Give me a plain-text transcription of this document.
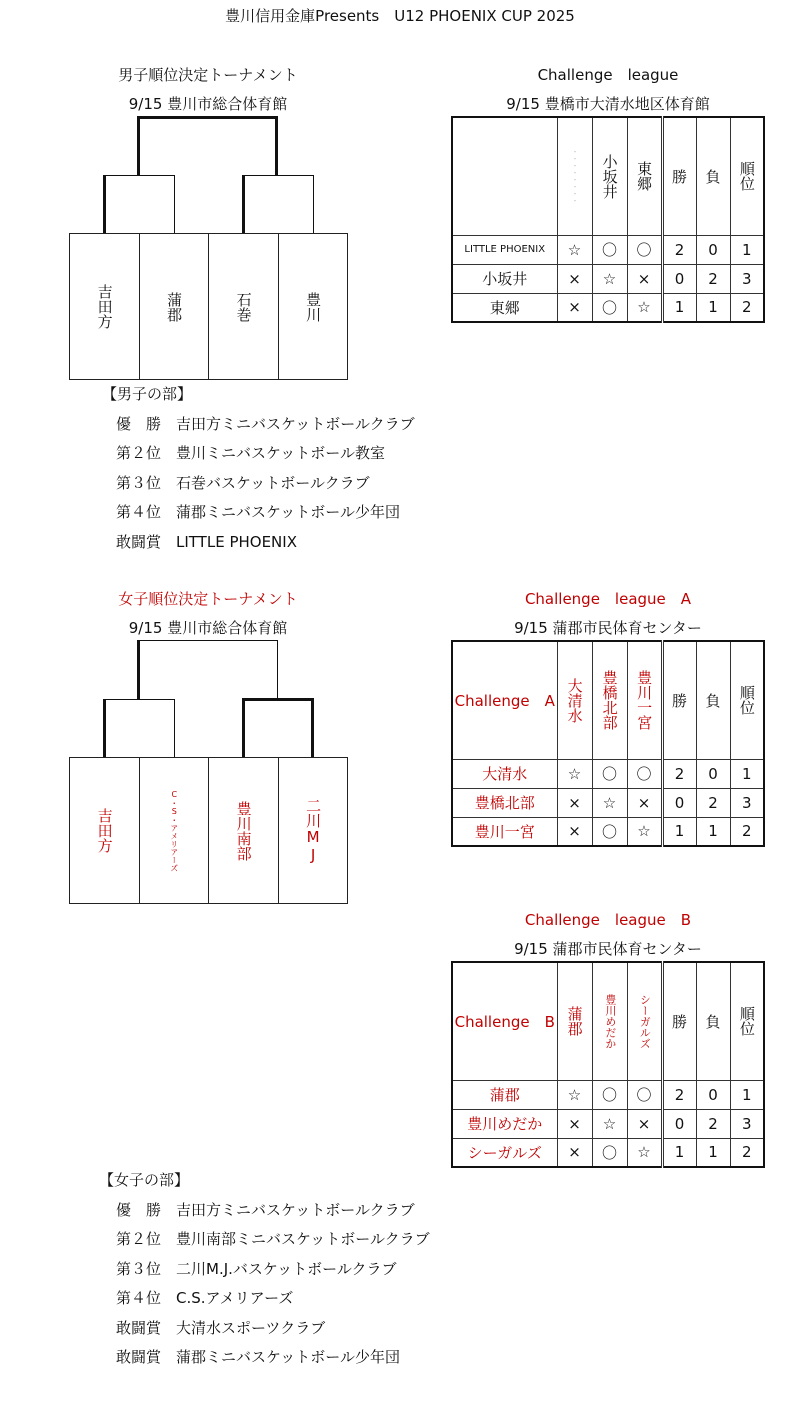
豊川信用金庫Presents　U12 PHOENIX CUP 2025
男子順位決定トーナメント
9/15 豊川市総合体育館
吉田方	蒲郡	石巻	豊川
Challenge　league
9/15 豊橋市大清水地区体育館

	・・・・・・・・	小坂井	東郷	勝	負	順位

LITTLE PHOENIX	☆	〇	〇	2	0	1
小坂井	×	☆	×	0	2	3
東郷	×	〇	☆	1	1	2
【男子の部】
優　勝 吉田方ミニバスケットボールクラブ
第２位 豊川ミニバスケットボール教室
第３位 石巻バスケットボールクラブ
第４位 蒲郡ミニバスケットボール少年団
敢闘賞 LITTLE PHOENIX
女子順位決定トーナメント
9/15 豊川市総合体育館
吉田方	C・S・アメリアーズ	豊川南部	二川MJ
Challenge　league　A
9/15 蒲郡市民体育センター
Challenge　A	大清水	豊橋北部	豊川一宮	勝	負	順位

大清水	☆	〇	〇	2	0	1
豊橋北部	×	☆	×	0	2	3
豊川一宮	×	〇	☆	1	1	2
Challenge　league　B
9/15 蒲郡市民体育センター
Challenge　B	蒲郡	豊川めだか	シーガルズ	勝	負	順位

蒲郡	☆	〇	〇	2	0	1
豊川めだか	×	☆	×	0	2	3
シーガルズ	×	〇	☆	1	1	2
【女子の部】
優　勝 吉田方ミニバスケットボールクラブ
第２位 豊川南部ミニバスケットボールクラブ
第３位 二川M.J.バスケットボールクラブ
第４位 C.S.アメリアーズ
敢闘賞 大清水スポーツクラブ
敢闘賞 蒲郡ミニバスケットボール少年団
